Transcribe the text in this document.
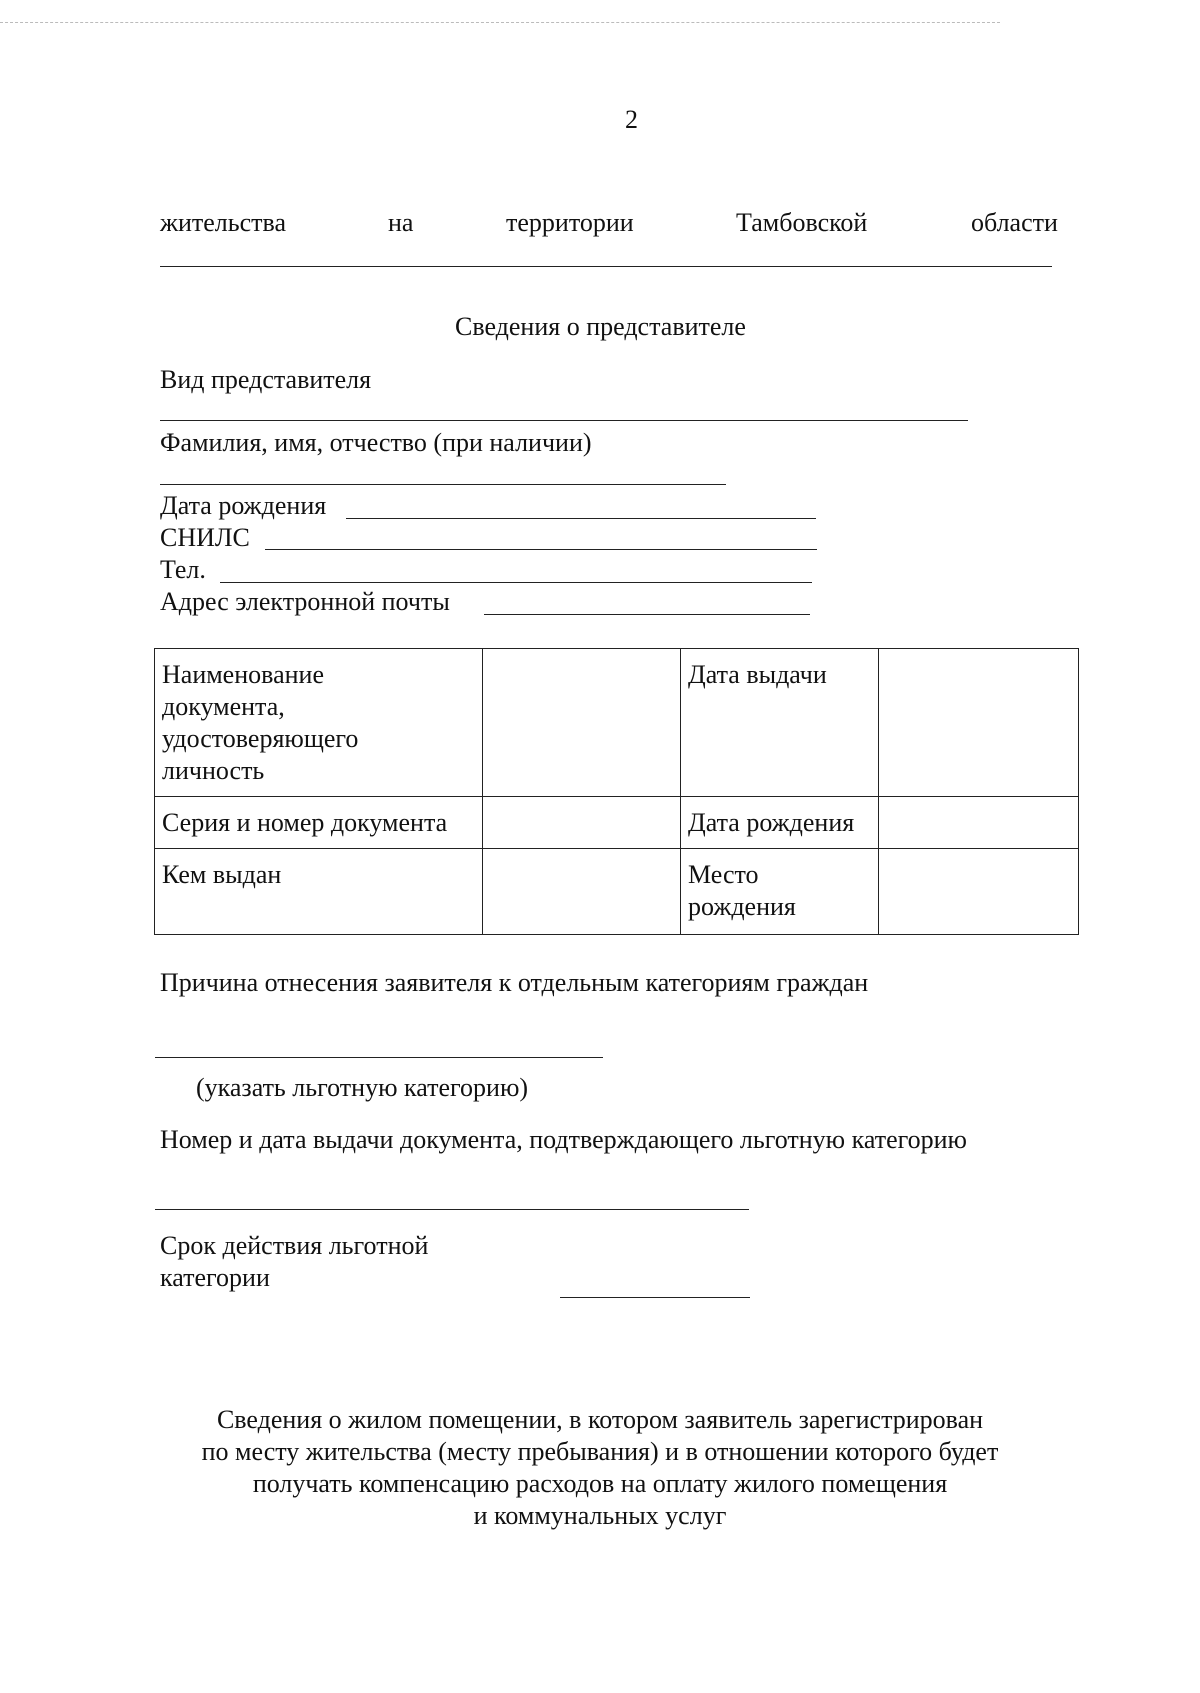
2
жительства	на	территории	Тамбовской	области
Сведения о представителе
Вид представителя
Фамилия, имя, отчество (при наличии)
Дата рождения
СНИЛС
Тел.
Адрес электронной почты
Наименование документа, удостоверяющего личность		Дата выдачи	
Серия и номер документа		Дата рождения	
Кем выдан		Место рождения	

Причина отнесения заявителя к отдельным категориям граждан
(указать льготную категорию)
Номер и дата выдачи документа, подтверждающего льготную категорию
Срок действия льготной
категории
Сведения о жилом помещении, в котором заявитель зарегистрирован
по месту жительства (месту пребывания) и в отношении которого будет
получать компенсацию расходов на оплату жилого помещения
и коммунальных услуг
